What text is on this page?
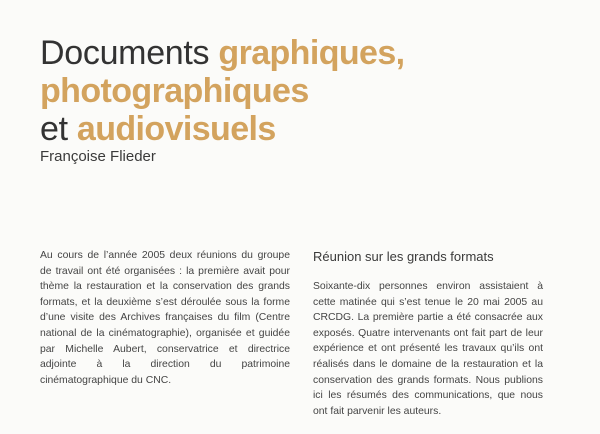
Documents graphiques,
photographiques
et audiovisuels

Françoise Flieder

Au cours de l’année 2005 deux réunions du groupe de travail ont été organisées : la première avait pour thème la restauration et la conservation des grands formats, et la deuxième s’est déroulée sous la forme d’une visite des Archives françaises du film (Centre national de la cinématographie), organisée et guidée par Michelle Aubert, conservatrice et directrice adjointe à la direction du patrimoine cinématographique du CNC.

Réunion sur les grands formats

Soixante-dix personnes environ assistaient à cette matinée qui s’est tenue le 20 mai 2005 au CRCDG. La première partie a été consacrée aux exposés. Quatre intervenants ont fait part de leur expérience et ont présenté les travaux qu’ils ont réalisés dans le domaine de la restauration et la conservation des grands formats. Nous publions ici les résumés des communications, que nous ont fait parvenir les auteurs.
